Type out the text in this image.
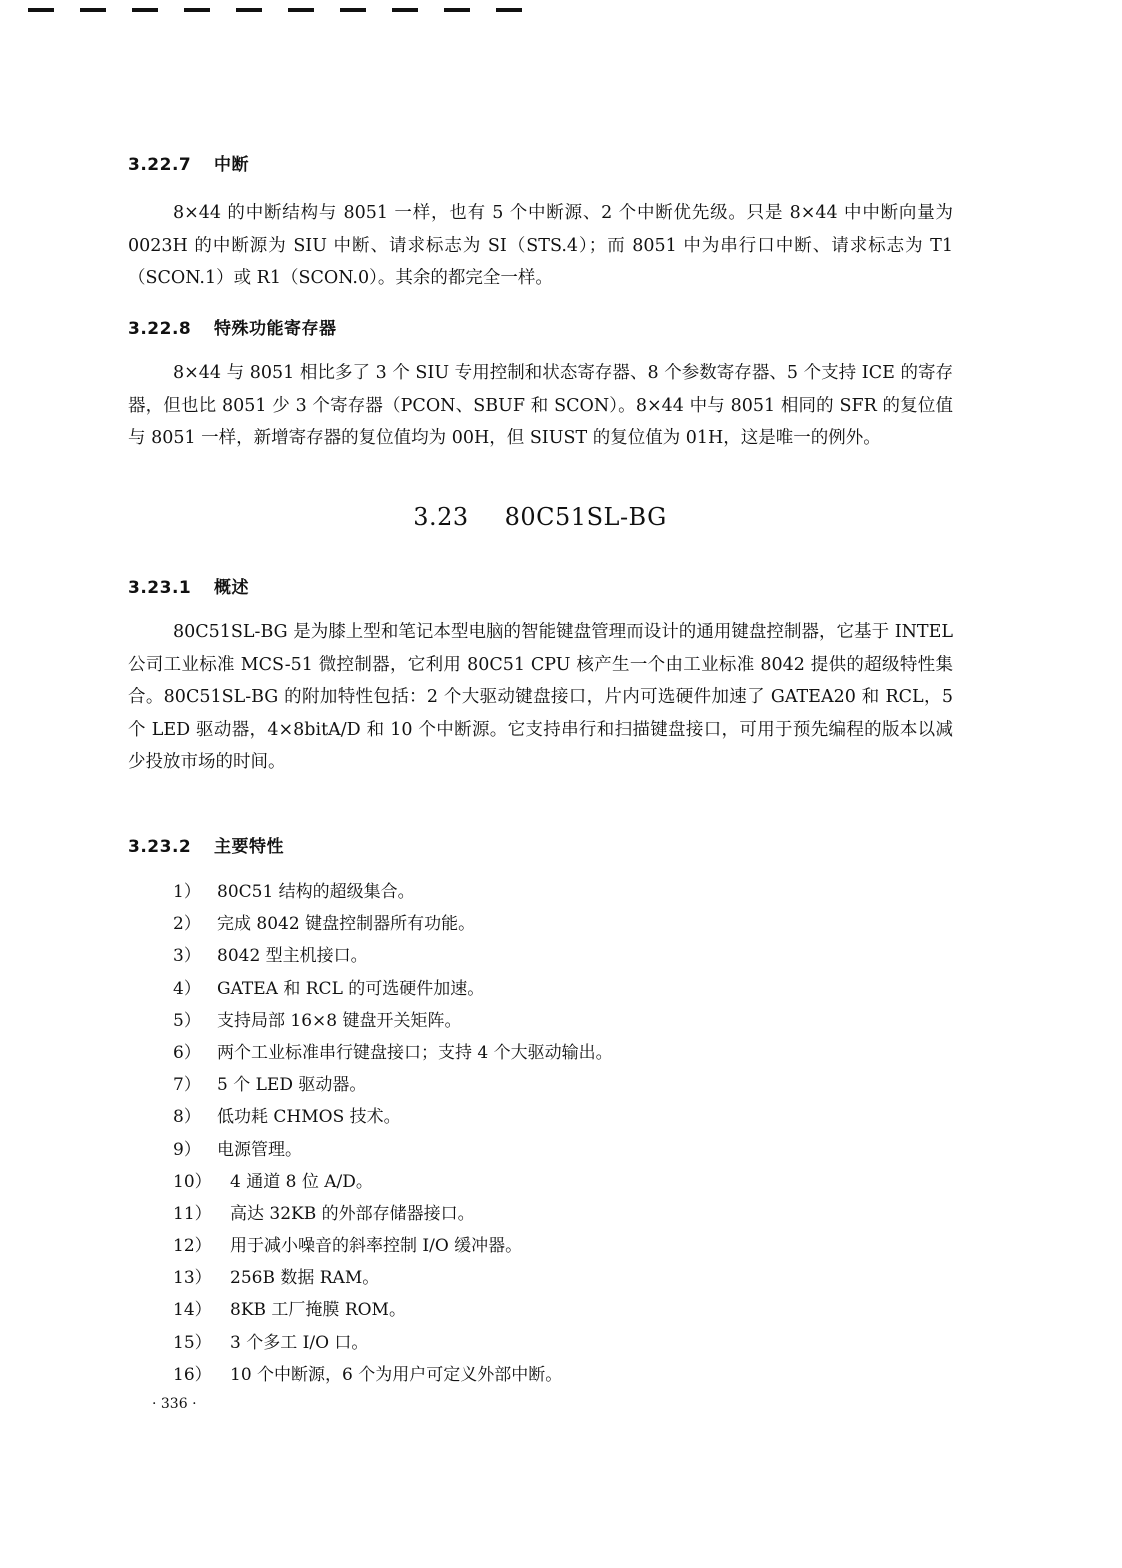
3.22.7 中断

8×44 的中断结构与 8051 一样，也有 5 个中断源、2 个中断优先级。只是 8×44 中中断向量为 0023H 的中断源为 SIU 中断、请求标志为 SI（STS.4）；而 8051 中为串行口中断、请求标志为 T1（SCON.1）或 R1（SCON.0）。其余的都完全一样。

3.22.8 特殊功能寄存器

8×44 与 8051 相比多了 3 个 SIU 专用控制和状态寄存器、8 个参数寄存器、5 个支持 ICE 的寄存器，但也比 8051 少 3 个寄存器（PCON、SBUF 和 SCON）。8×44 中与 8051 相同的 SFR 的复位值与 8051 一样，新增寄存器的复位值均为 00H，但 SIUST 的复位值为 01H，这是唯一的例外。

3.23 80C51SL-BG
3.23.1 概述

80C51SL-BG 是为膝上型和笔记本型电脑的智能键盘管理而设计的通用键盘控制器，它基于 INTEL 公司工业标准 MCS-51 微控制器，它利用 80C51 CPU 核产生一个由工业标准 8042 提供的超级特性集合。80C51SL-BG 的附加特性包括：2 个大驱动键盘接口，片内可选硬件加速了 GATEA20 和 RCL，5 个 LED 驱动器，4×8bitA/D 和 10 个中断源。它支持串行和扫描键盘接口，可用于预先编程的版本以减少投放市场的时间。

3.23.2 主要特性
1） 80C51 结构的超级集合。
2） 完成 8042 键盘控制器所有功能。
3） 8042 型主机接口。
4） GATEA 和 RCL 的可选硬件加速。
5） 支持局部 16×8 键盘开关矩阵。
6） 两个工业标准串行键盘接口；支持 4 个大驱动输出。
7） 5 个 LED 驱动器。
8） 低功耗 CHMOS 技术。
9） 电源管理。
10） 4 通道 8 位 A/D。
11） 高达 32KB 的外部存储器接口。
12） 用于减小噪音的斜率控制 I/O 缓冲器。
13） 256B 数据 RAM。
14） 8KB 工厂掩膜 ROM。
15） 3 个多工 I/O 口。
16） 10 个中断源，6 个为用户可定义外部中断。
· 336 ·
